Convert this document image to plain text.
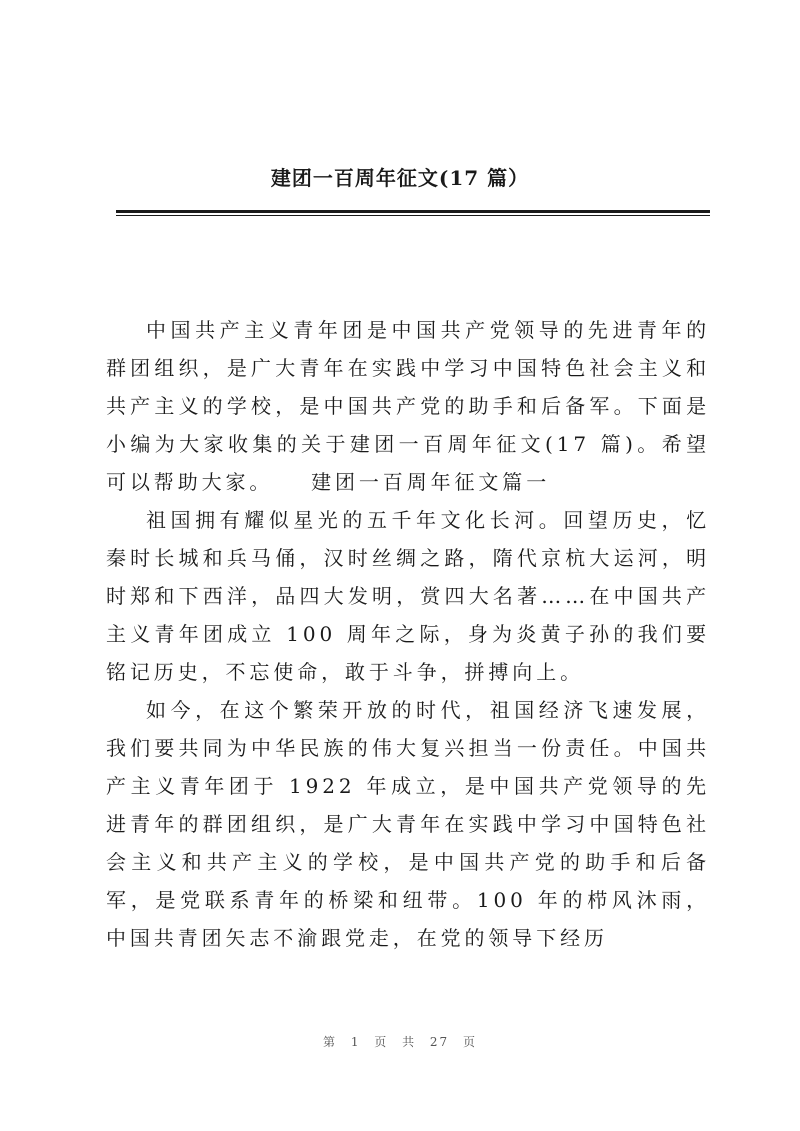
建团一百周年征文(17 篇）

中国共产主义青年团是中国共产党领导的先进青年的群团组织，是广大青年在实践中学习中国特色社会主义和共产主义的学校，是中国共产党的助手和后备军。下面是小编为大家收集的关于建团一百周年征文(17 篇)。希望可以帮助大家。　　建团一百周年征文篇一

祖国拥有耀似星光的五千年文化长河。回望历史，忆秦时长城和兵马俑，汉时丝绸之路，隋代京杭大运河，明时郑和下西洋，品四大发明，赏四大名著……在中国共产主义青年团成立 100 周年之际，身为炎黄子孙的我们要铭记历史，不忘使命，敢于斗争，拼搏向上。

如今，在这个繁荣开放的时代，祖国经济飞速发展，我们要共同为中华民族的伟大复兴担当一份责任。中国共产主义青年团于 1922 年成立，是中国共产党领导的先进青年的群团组织，是广大青年在实践中学习中国特色社会主义和共产主义的学校，是中国共产党的助手和后备军，是党联系青年的桥梁和纽带。100 年的栉风沐雨，中国共青团矢志不渝跟党走，在党的领导下经历

第 1 页 共 27 页
